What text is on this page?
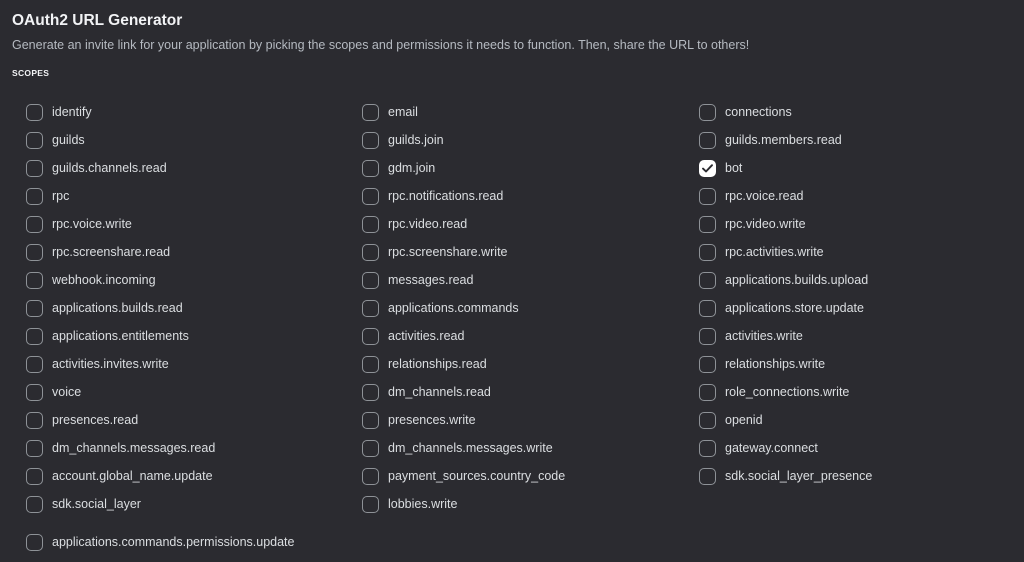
OAuth2 URL Generator
Generate an invite link for your application by picking the scopes and permissions it needs to function. Then, share the URL to others!
SCOPES
identify	email	connections
guilds	guilds.join	guilds.members.read
guilds.channels.read	gdm.join	bot
rpc	rpc.notifications.read	rpc.voice.read
rpc.voice.write	rpc.video.read	rpc.video.write
rpc.screenshare.read	rpc.screenshare.write	rpc.activities.write
webhook.incoming	messages.read	applications.builds.upload
applications.builds.read	applications.commands	applications.store.update
applications.entitlements	activities.read	activities.write
activities.invites.write	relationships.read	relationships.write
voice	dm_channels.read	role_connections.write
presences.read	presences.write	openid
dm_channels.messages.read	dm_channels.messages.write	gateway.connect
account.global_name.update	payment_sources.country_code	sdk.social_layer_presence
sdk.social_layer	lobbies.write
applications.commands.permissions.update
